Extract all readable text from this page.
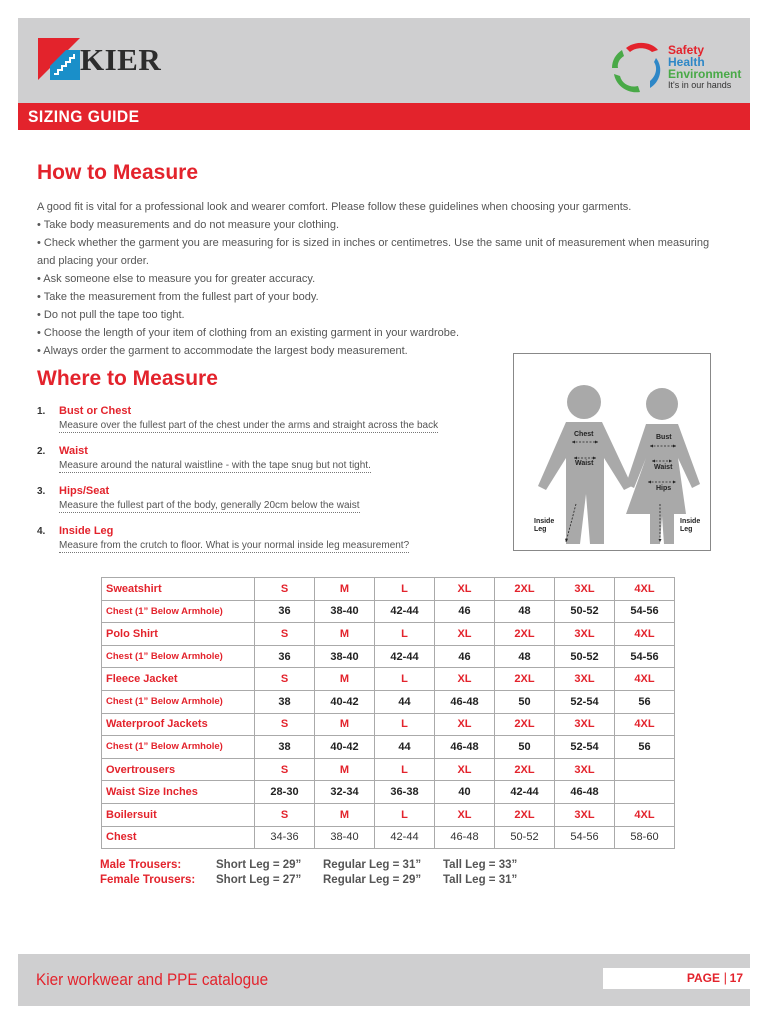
KIER	Safety
Health
Environment
It's in our hands
SIZING GUIDE
How to Measure

A good fit is vital for a professional look and wearer comfort. Please follow these guidelines when choosing your garments.

• Take body measurements and do not measure your clothing.

• Check whether the garment you are measuring for is sized in inches or centimetres. Use the same unit of measurement when measuring and placing your order.

• Ask someone else to measure you for greater accuracy.

• Take the measurement from the fullest part of your body.

• Do not pull the tape too tight.

• Choose the length of your item of clothing from an existing garment in your wardrobe.

• Always order the garment to accommodate the largest body measurement.

Where to Measure
1. Bust or Chest
Measure over the fullest part of the chest under the arms and straight across the back
2. Waist
Measure around the natural waistline - with the tape snug but not tight.
3. Hips/Seat
Measure the fullest part of the body, generally 20cm below the waist
4. Inside Leg
Measure from the crutch to floor. What is your normal inside leg measurement?
Chest
Waist
Inside
Leg
Bust
Waist
Hips
Inside
Leg
Sweatshirt	S	M	L	XL	2XL	3XL	4XL
Chest (1” Below Armhole)	36	38-40	42-44	46	48	50-52	54-56
Polo Shirt	S	M	L	XL	2XL	3XL	4XL
Chest (1” Below Armhole)	36	38-40	42-44	46	48	50-52	54-56
Fleece Jacket	S	M	L	XL	2XL	3XL	4XL
Chest (1” Below Armhole)	38	40-42	44	46-48	50	52-54	56
Waterproof Jackets	S	M	L	XL	2XL	3XL	4XL
Chest (1” Below Armhole)	38	40-42	44	46-48	50	52-54	56
Overtrousers	S	M	L	XL	2XL	3XL	
Waist Size Inches	28-30	32-34	36-38	40	42-44	46-48	
Boilersuit	S	M	L	XL	2XL	3XL	4XL
Chest	34-36	38-40	42-44	46-48	50-52	54-56	58-60
Male Trousers:	Short Leg = 29” Regular Leg = 31” Tall Leg = 33”
Female Trousers: Short Leg = 27” Regular Leg = 29” Tall Leg = 31”
Kier workwear and PPE catalogue	PAGE | 17
